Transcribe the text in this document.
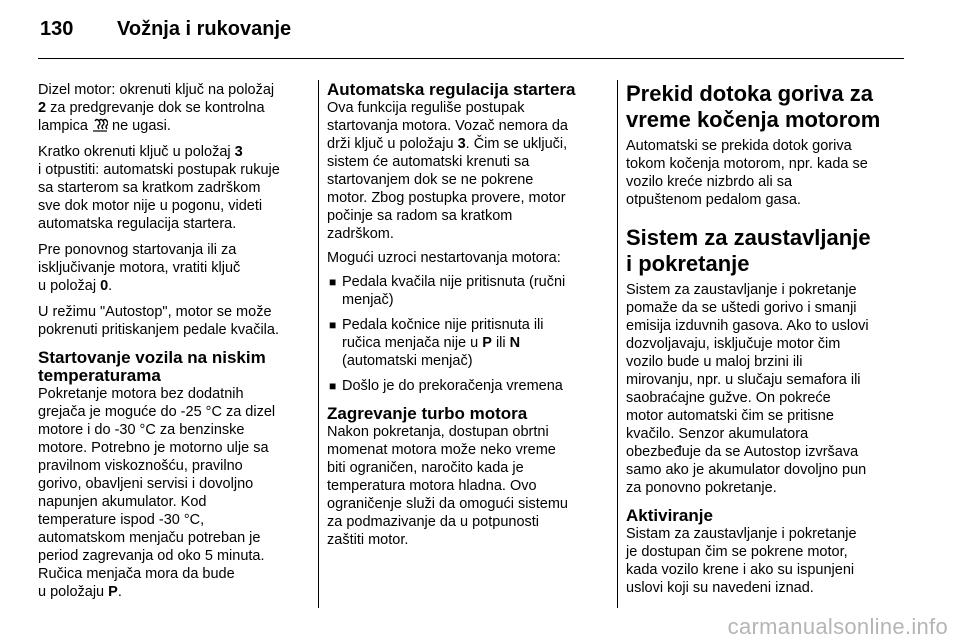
130 Vožnja i rukovanje

Dizel motor: okrenuti ključ na položaj
2 za predgrevanje dok se kontrolna
lampica  ne ugasi.

Kratko okrenuti ključ u položaj 3
i otpustiti: automatski postupak rukuje
sa starterom sa kratkom zadrškom
sve dok motor nije u pogonu, videti
automatska regulacija startera.

Pre ponovnog startovanja ili za
isključivanje motora, vratiti ključ
u položaj 0.

U režimu "Autostop", motor se može
pokrenuti pritiskanjem pedale kvačila.

Startovanje vozila na niskim
temperaturama

Pokretanje motora bez dodatnih
grejača je moguće do -25 °C za dizel
motore i do -30 °C za benzinske
motore. Potrebno je motorno ulje sa
pravilnom viskoznošću, pravilno
gorivo, obavljeni servisi i dovoljno
napunjen akumulator. Kod
temperature ispod -30 °C,
automatskom menjaču potreban je
period zagrevanja od oko 5 minuta.
Ručica menjača mora da bude
u položaju P.

Automatska regulacija startera

Ova funkcija reguliše postupak
startovanja motora. Vozač nemora da
drži ključ u položaju 3. Čim se uključi,
sistem će automatski krenuti sa
startovanjem dok se ne pokrene
motor. Zbog postupka provere, motor
počinje sa radom sa kratkom
zadrškom.

Mogući uzroci nestartovanja motora:

■ Pedala kvačila nije pritisnuta (ručni
menjač)
■ Pedala kočnice nije pritisnuta ili
ručica menjača nije u P ili N
(automatski menjač)
■ Došlo je do prekoračenja vremena
Zagrevanje turbo motora

Nakon pokretanja, dostupan obrtni
momenat motora može neko vreme
biti ograničen, naročito kada je
temperatura motora hladna. Ovo
ograničenje služi da omogući sistemu
za podmazivanje da u potpunosti
zaštiti motor.

Prekid dotoka goriva za
vreme kočenja motorom

Automatski se prekida dotok goriva
tokom kočenja motorom, npr. kada se
vozilo kreće nizbrdo ali sa
otpuštenom pedalom gasa.

Sistem za zaustavljanje
i pokretanje

Sistem za zaustavljanje i pokretanje
pomaže da se uštedi gorivo i smanji
emisija izduvnih gasova. Ako to uslovi
dozvoljavaju, isključuje motor čim
vozilo bude u maloj brzini ili
mirovanju, npr. u slučaju semafora ili
saobraćajne gužve. On pokreće
motor automatski čim se pritisne
kvačilo. Senzor akumulatora
obezbeđuje da se Autostop izvršava
samo ako je akumulator dovoljno pun
za ponovno pokretanje.

Aktiviranje

Sistam za zaustavljanje i pokretanje
je dostupan čim se pokrene motor,
kada vozilo krene i ako su ispunjeni
uslovi koji su navedeni iznad.

carmanualsonline.info
